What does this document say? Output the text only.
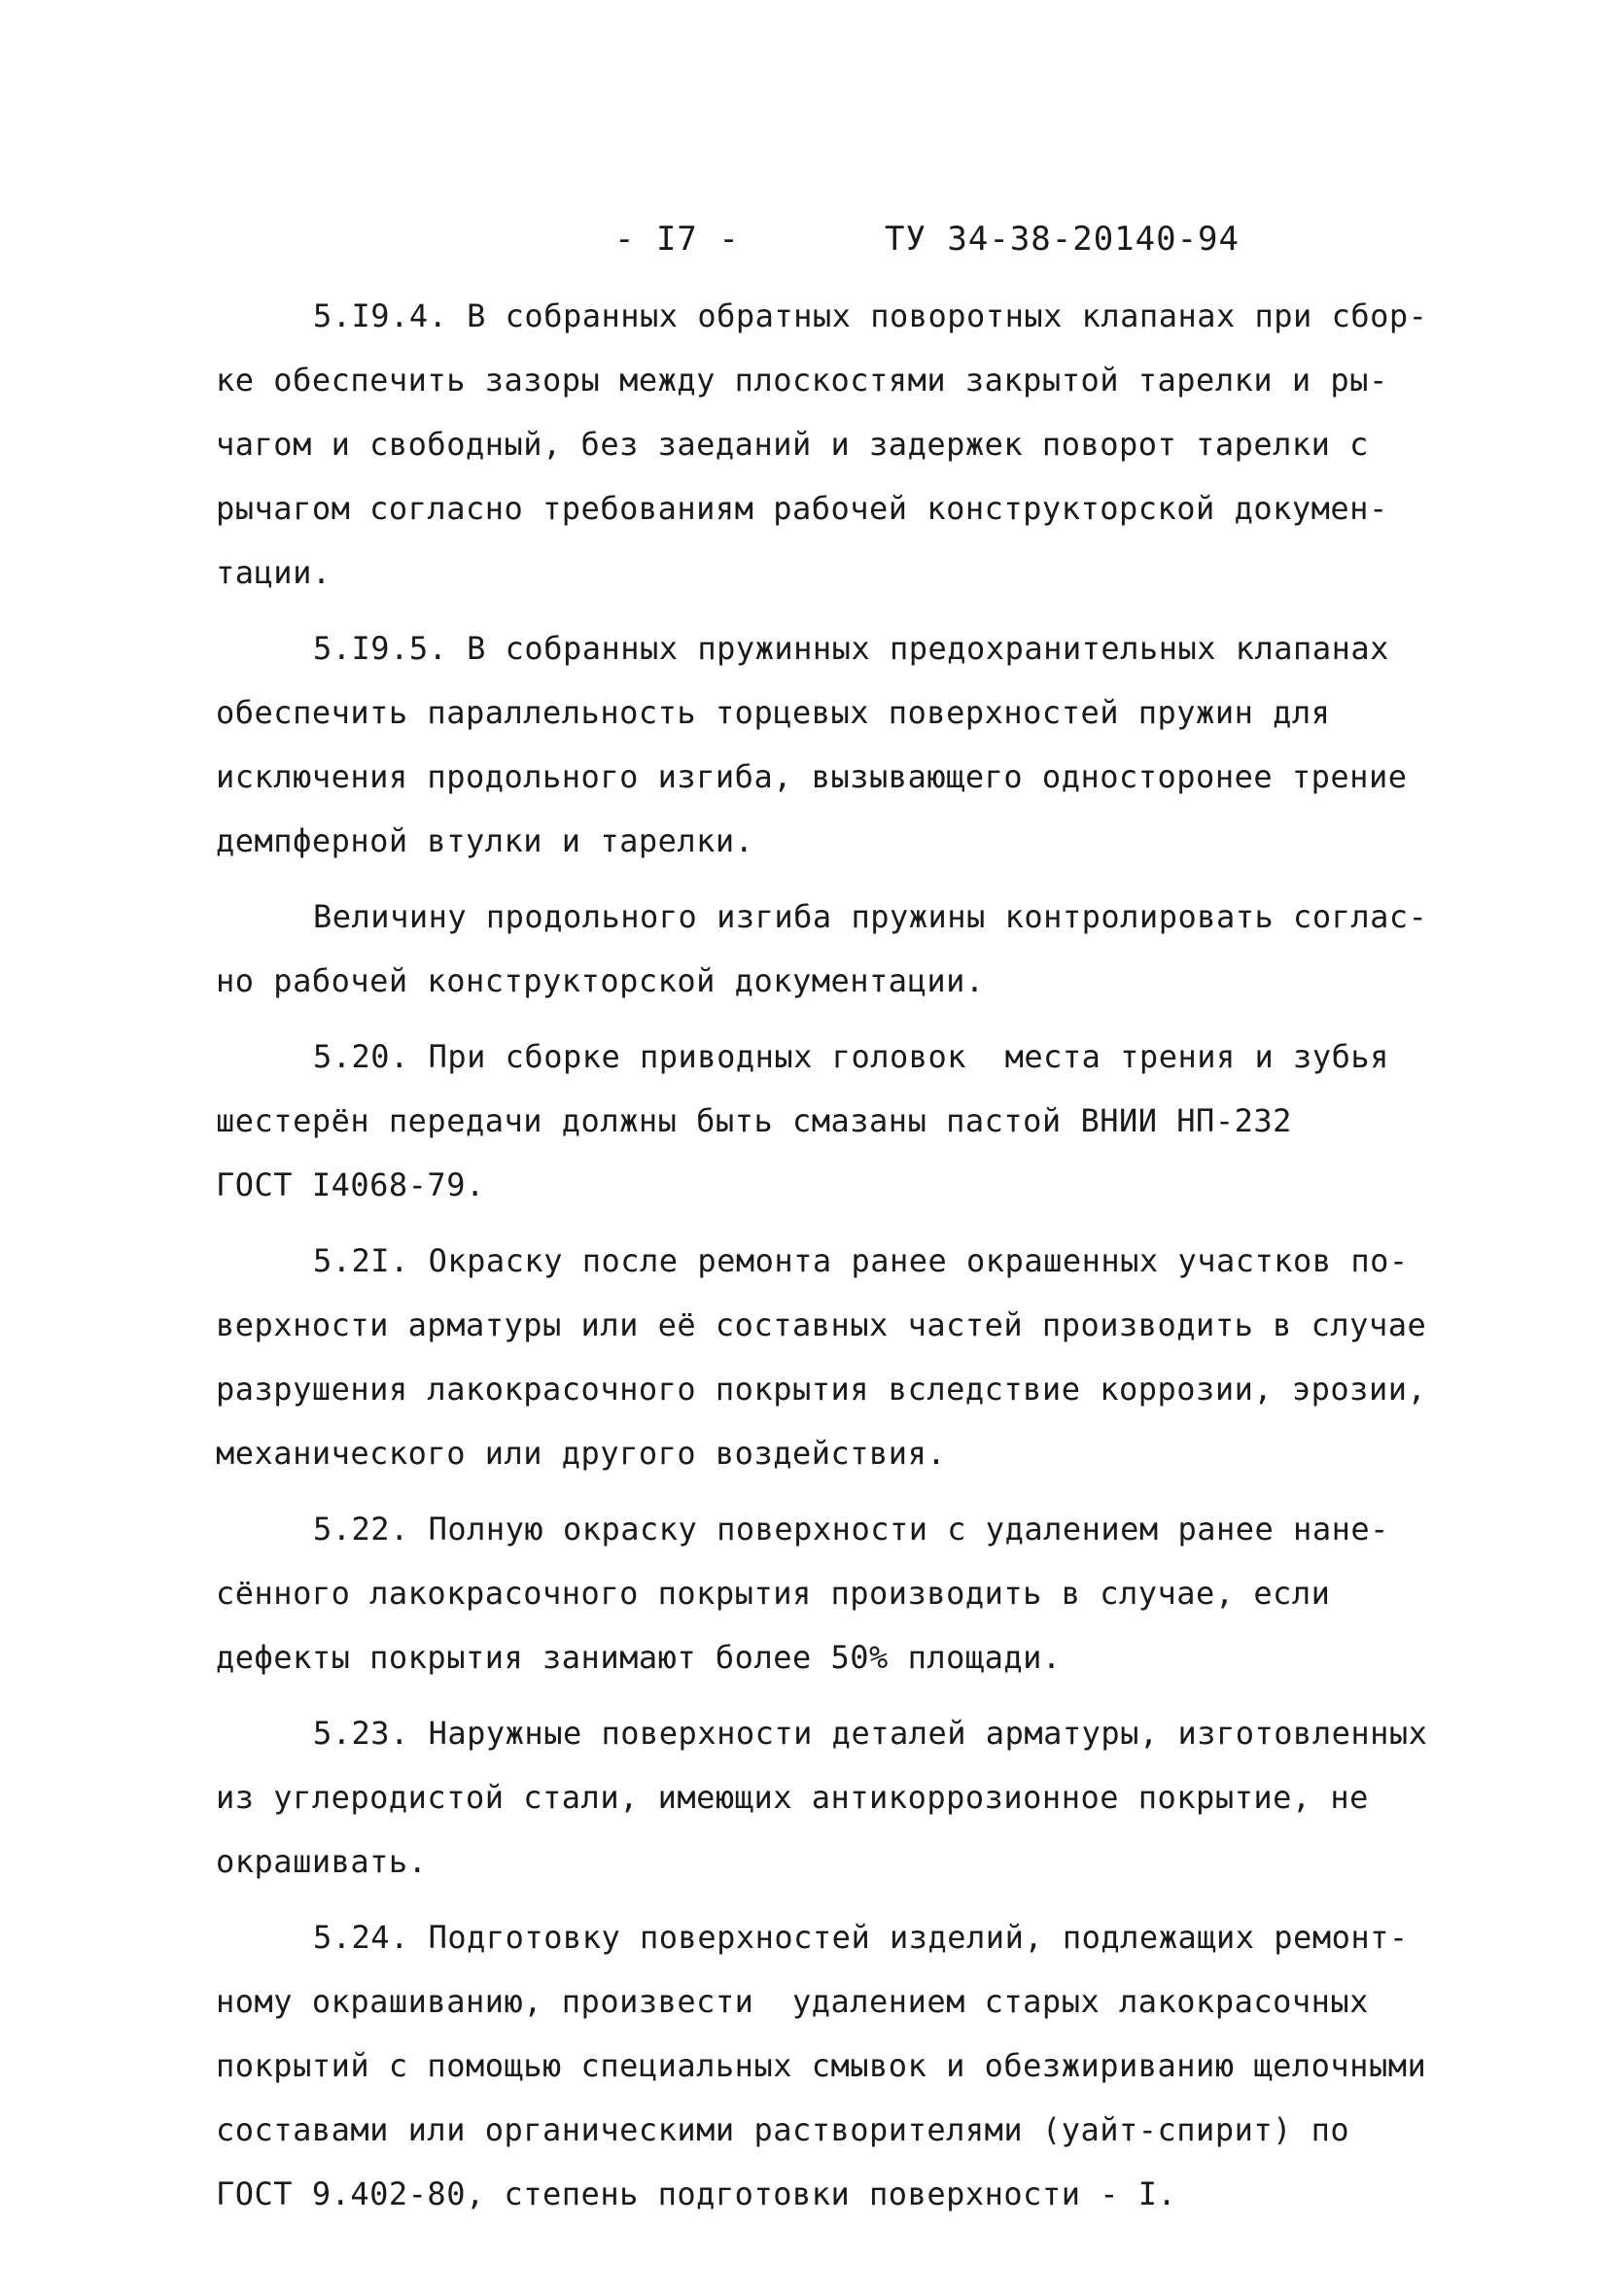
- I7 -	ТУ 34-38-20140-94
5.I9.4. В собранных обратных поворотных клапанах при сбор-
ке обеспечить зазоры между плоскостями закрытой тарелки и ры-
чагом и свободный, без заеданий и задержек поворот тарелки с
рычагом согласно требованиям рабочей конструкторской докумен-
тации.
5.I9.5. В собранных пружинных предохранительных клапанах
обеспечить параллельность торцевых поверхностей пружин для
исключения продольного изгиба, вызывающего односторонее трение
демпферной втулки и тарелки.
Величину продольного изгиба пружины контролировать соглас-
но рабочей конструкторской документации.
5.20. При сборке приводных головок  места трения и зубья
шестерён передачи должны быть смазаны пастой ВНИИ НП-232
ГОСТ I4068-79.
5.2I. Окраску после ремонта ранее окрашенных участков по-
верхности арматуры или её составных частей производить в случае
разрушения лакокрасочного покрытия вследствие коррозии, эрозии,
механического или другого воздействия.
5.22. Полную окраску поверхности с удалением ранее нане-
сённого лакокрасочного покрытия производить в случае, если
дефекты покрытия занимают более 50% площади.
5.23. Наружные поверхности деталей арматуры, изготовленных
из углеродистой стали, имеющих антикоррозионное покрытие, не
окрашивать.
5.24. Подготовку поверхностей изделий, подлежащих ремонт-
ному окрашиванию, произвести  удалением старых лакокрасочных
покрытий с помощью специальных смывок и обезжириванию щелочными
составами или органическими растворителями (уайт-спирит) по
ГОСТ 9.402-80, степень подготовки поверхности - I.
